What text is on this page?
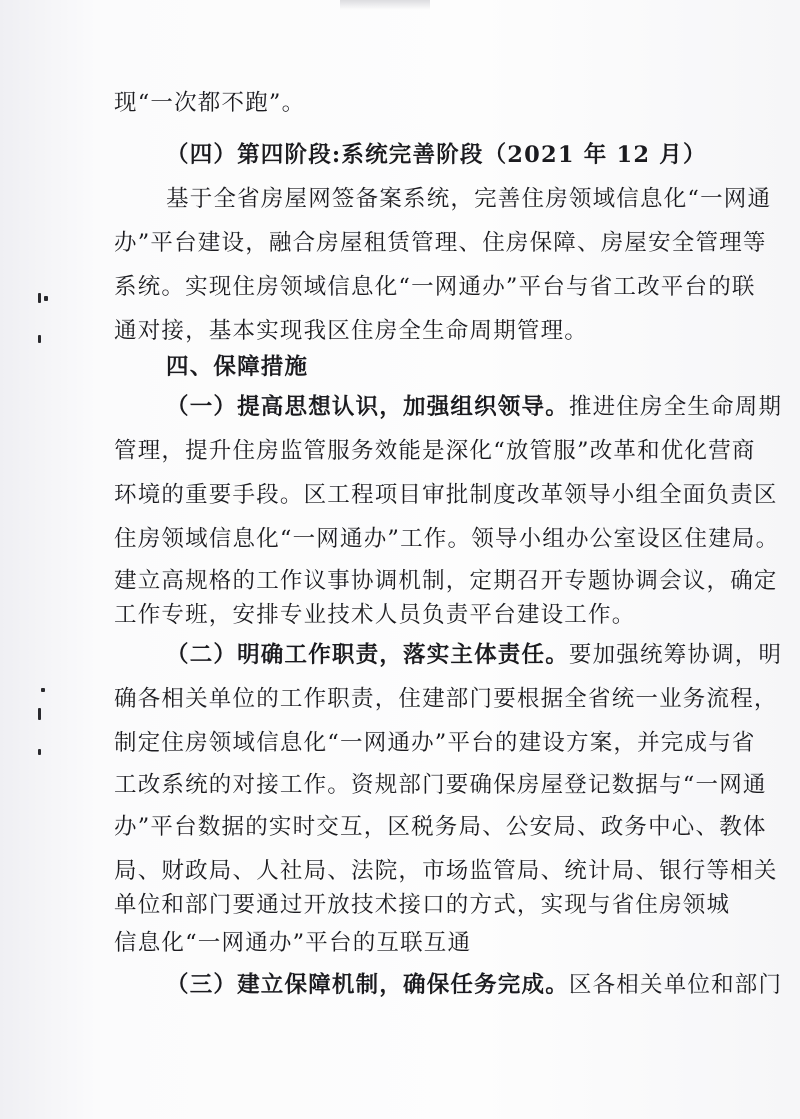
现“一次都不跑”。
（四）第四阶段:系统完善阶段（2021 年 12 月）
基于全省房屋网签备案系统，完善住房领域信息化“一网通
办”平台建设，融合房屋租赁管理、住房保障、房屋安全管理等
系统。实现住房领域信息化“一网通办”平台与省工改平台的联
通对接，基本实现我区住房全生命周期管理。
四、保障措施
（一）提高思想认识，加强组织领导。推进住房全生命周期
管理，提升住房监管服务效能是深化“放管服”改革和优化营商
环境的重要手段。区工程项目审批制度改革领导小组全面负责区
住房领域信息化“一网通办”工作。领导小组办公室设区住建局。
建立高规格的工作议事协调机制，定期召开专题协调会议，确定
工作专班，安排专业技术人员负责平台建设工作。
（二）明确工作职责，落实主体责任。要加强统筹协调，明
确各相关单位的工作职责，住建部门要根据全省统一业务流程，
制定住房领域信息化“一网通办”平台的建设方案，并完成与省
工改系统的对接工作。资规部门要确保房屋登记数据与“一网通
办”平台数据的实时交互，区税务局、公安局、政务中心、教体
局、财政局、人社局、法院，市场监管局、统计局、银行等相关
单位和部门要通过开放技术接口的方式，实现与省住房领城
信息化“一网通办”平台的互联互通
（三）建立保障机制，确保任务完成。区各相关单位和部门
